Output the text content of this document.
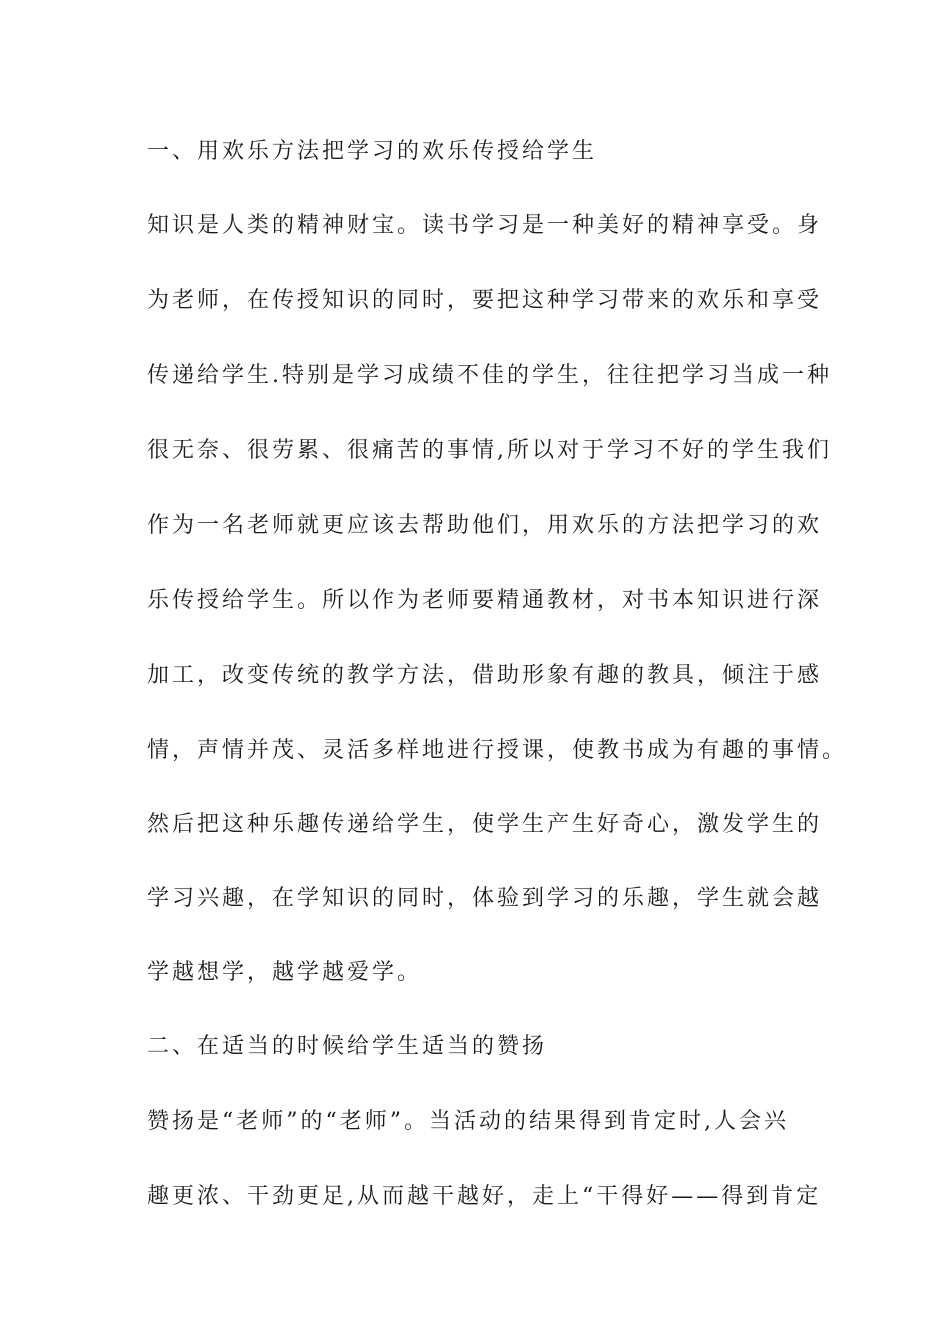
一、用欢乐方法把学习的欢乐传授给学生
知识是人类的精神财宝。读书学习是一种美好的精神享受。身
为老师，在传授知识的同时，要把这种学习带来的欢乐和享受
传递给学生.特别是学习成绩不佳的学生，往往把学习当成一种
很无奈、很劳累、很痛苦的事情,所以对于学习不好的学生我们
作为一名老师就更应该去帮助他们，用欢乐的方法把学习的欢
乐传授给学生。所以作为老师要精通教材，对书本知识进行深
加工，改变传统的教学方法，借助形象有趣的教具，倾注于感
情，声情并茂、灵活多样地进行授课，使教书成为有趣的事情。
然后把这种乐趣传递给学生，使学生产生好奇心，激发学生的
学习兴趣，在学知识的同时，体验到学习的乐趣，学生就会越
学越想学，越学越爱学。
二、在适当的时候给学生适当的赞扬
赞扬是“老师”的“老师”。当活动的结果得到肯定时,人会兴
趣更浓、干劲更足,从而越干越好，走上“干得好——得到肯定
